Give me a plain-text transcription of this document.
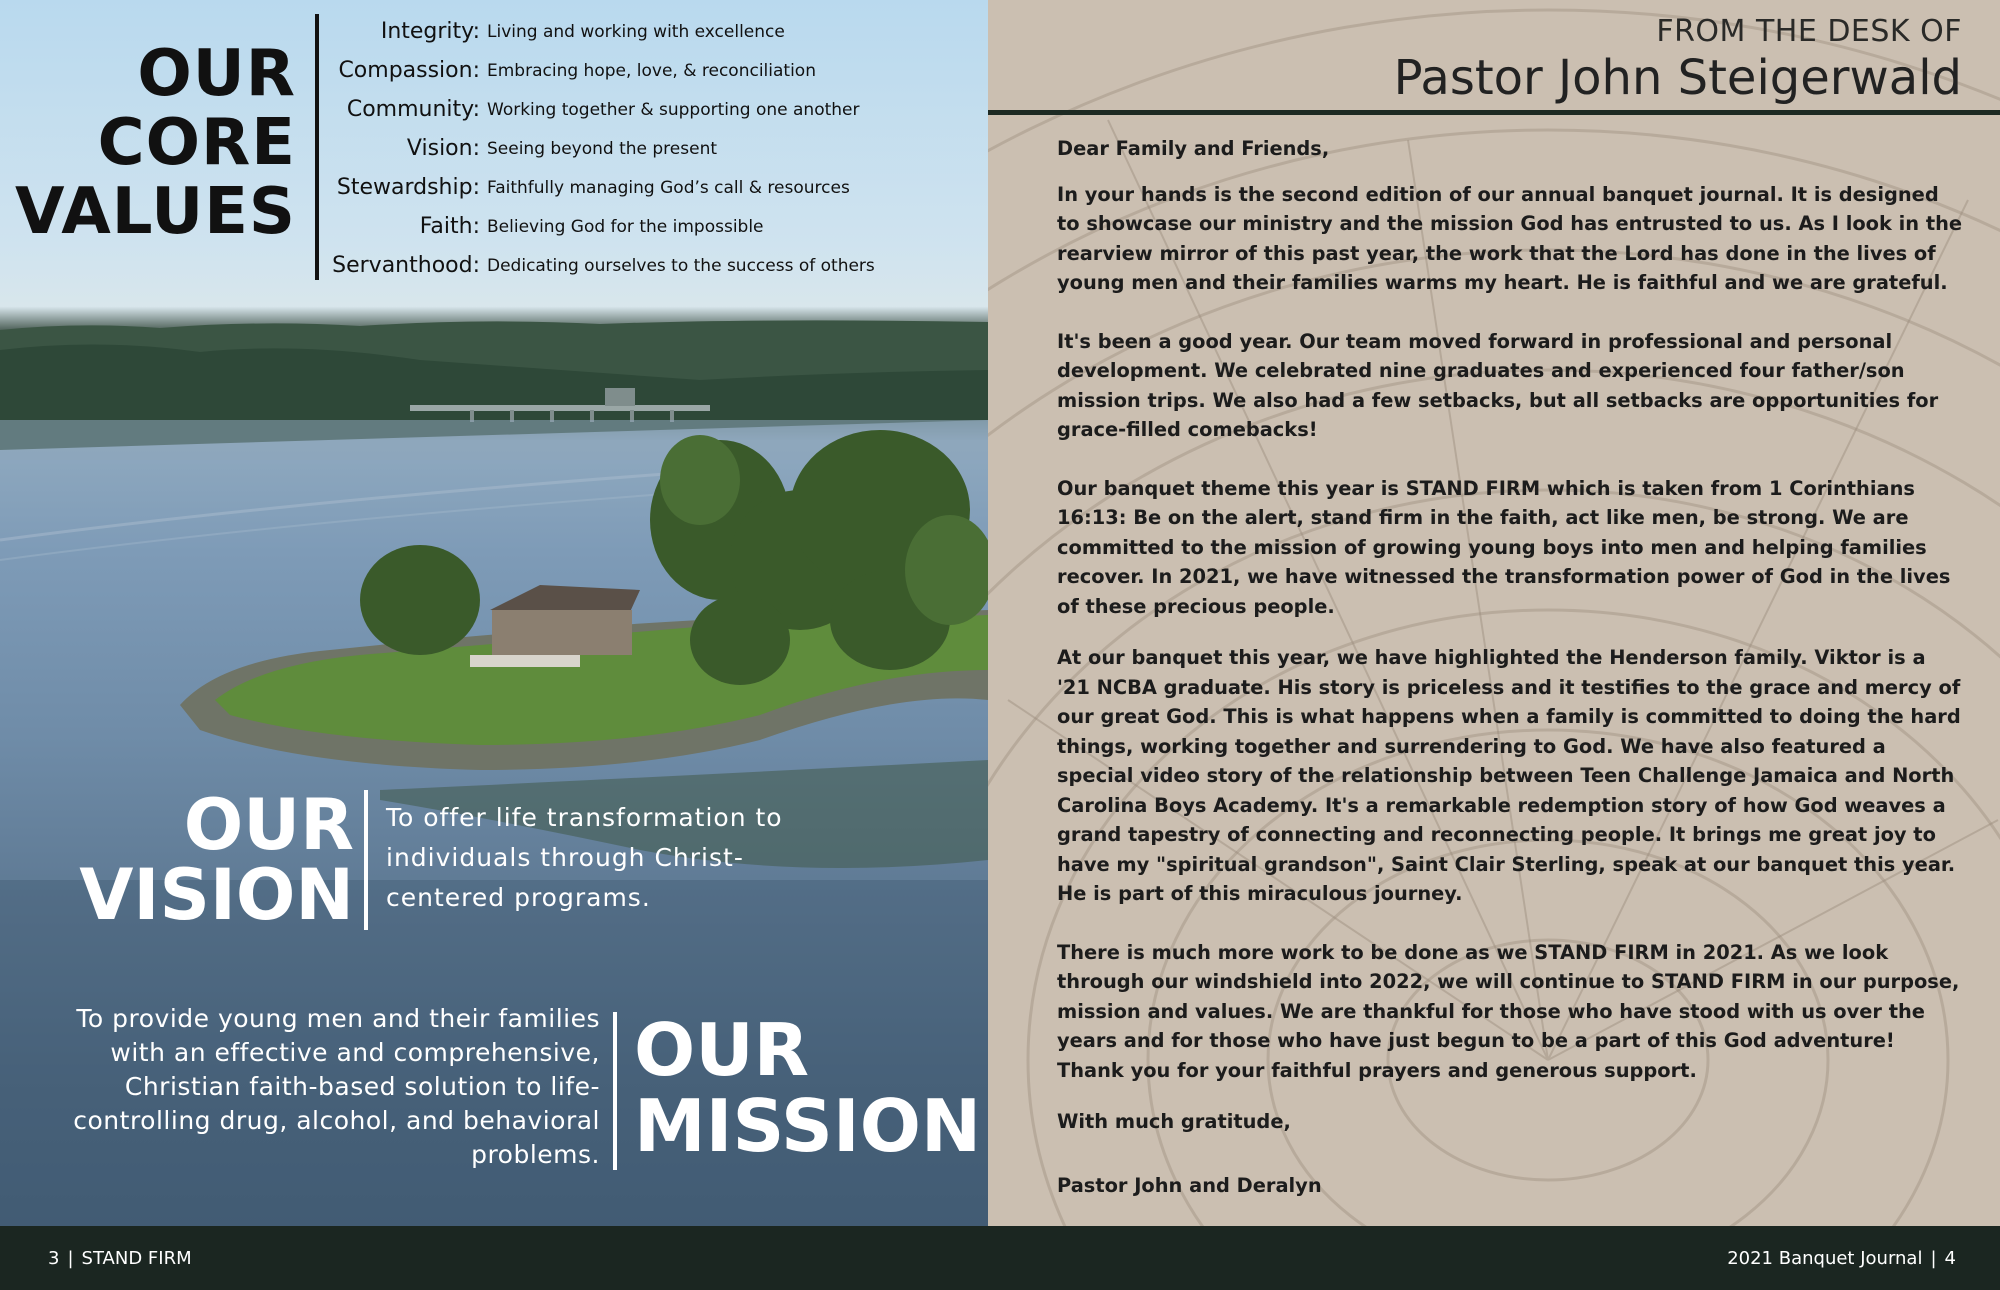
OUR
CORE
VALUES
Integrity: Living and working with excellence
Compassion: Embracing hope, love, & reconciliation
Community: Working together & supporting one another
Vision: Seeing beyond the present
Stewardship: Faithfully managing God’s call & resources
Faith: Believing God for the impossible
Servanthood: Dedicating ourselves to the success of others
OUR
VISION
To offer life transformation to individuals through Christ-centered programs.
To provide young men and their families with an effective and comprehensive, Christian faith-based solution to life-controlling drug, alcohol, and behavioral problems.
OUR
MISSION
FROM THE DESK OF
Pastor John Steigerwald

Dear Family and Friends,

In your hands is the second edition of our annual banquet journal. It is designed to showcase our ministry and the mission God has entrusted to us. As I look in the rearview mirror of this past year, the work that the Lord has done in the lives of young men and their families warms my heart. He is faithful and we are grateful.

It's been a good year. Our team moved forward in professional and personal development. We celebrated nine graduates and experienced four father/son mission trips. We also had a few setbacks, but all setbacks are opportunities for grace-filled comebacks!

Our banquet theme this year is STAND FIRM which is taken from 1 Corinthians 16:13: Be on the alert, stand firm in the faith, act like men, be strong. We are committed to the mission of growing young boys into men and helping families recover. In 2021, we have witnessed the transformation power of God in the lives of these precious people.

At our banquet this year, we have highlighted the Henderson family. Viktor is a '21 NCBA graduate. His story is priceless and it testifies to the grace and mercy of our great God. This is what happens when a family is committed to doing the hard things, working together and surrendering to God. We have also featured a special video story of the relationship between Teen Challenge Jamaica and North Carolina Boys Academy. It's a remarkable redemption story of how God weaves a grand tapestry of connecting and reconnecting people. It brings me great joy to have my "spiritual grandson", Saint Clair Sterling, speak at our banquet this year. He is part of this miraculous journey.

There is much more work to be done as we STAND FIRM in 2021. As we look through our windshield into 2022, we will continue to STAND FIRM in our purpose, mission and values. We are thankful for those who have stood with us over the years and for those who have just begun to be a part of this God adventure! Thank you for your faithful prayers and generous support.

With much gratitude,

Pastor John and Deralyn

3 | STAND FIRM	2021 Banquet Journal | 4
